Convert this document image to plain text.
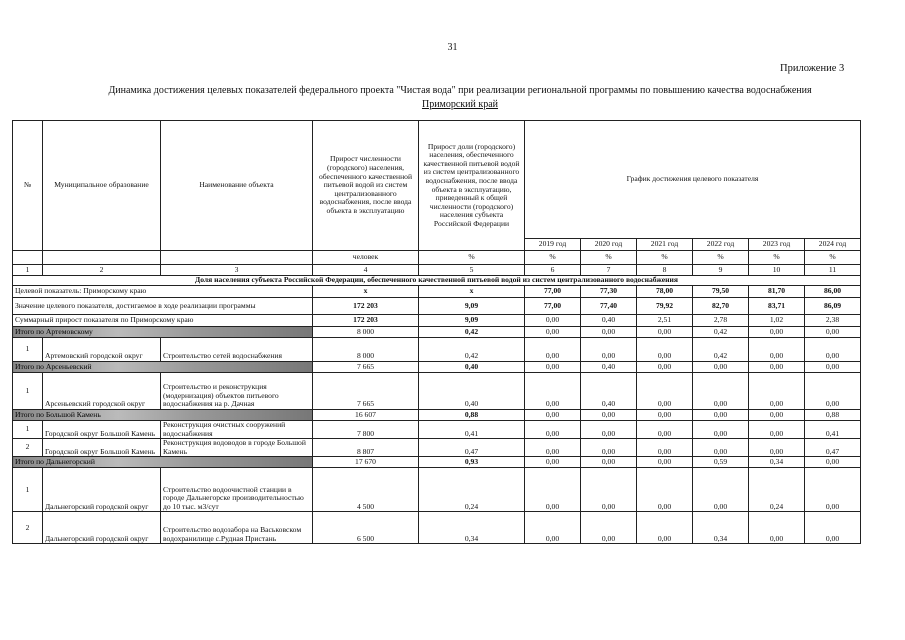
31
Приложение 3
Динамика достижения целевых показателей федерального проекта "Чистая вода" при реализации региональной программы по повышению качества водоснабжения
Приморский край
№	Муниципальное образование	Наименование объекта	Прирост численности (городского) населения, обеспеченного качественной питьевой водой из систем централизованного водоснабжения, после ввода объекта в эксплуатацию	Прирост доли (городского) населения, обеспеченного качественной питьевой водой из систем централизованного водоснабжения, после ввода объекта в эксплуатацию, приведенный к общей численности (городского) населения субъекта Российской Федерации	График достижения целевого показателя					
					2019 год	2020 год	2021 год	2022 год	2023 год	2024 год
			человек	%	%	%	%	%	%	%
1	2	3	4	5	6	7	8	9	10	11
Доля населения субъекта Российской Федерации, обеспеченного качественной питьевой водой из систем централизованного водоснабжения										
Целевой показатель: Приморскому краю			x	x	77,00	77,30	78,00	79,50	81,70	86,00
Значение целевого показателя, достигаемое в ходе реализации программы			172 203	9,09	77,00	77,40	79,92	82,70	83,71	86,09
Суммарный прирост показателя по Приморскому краю			172 203	9,09	0,00	0,40	2,51	2,78	1,02	2,38
Итого по Артемовскому			8 000	0,42	0,00	0,00	0,00	0,42	0,00	0,00
1	Артемовский городской округ	Строительство сетей водоснабжения	8 000	0,42	0,00	0,00	0,00	0,42	0,00	0,00
Итого по Арсеньевский			7 665	0,40	0,00	0,40	0,00	0,00	0,00	0,00
1	Арсеньевский городской округ	Строительство и реконструкция (модернизация) объектов питьевого водоснабжения на р. Дачная	7 665	0,40	0,00	0,40	0,00	0,00	0,00	0,00
Итого по Большой Камень			16 607	0,88	0,00	0,00	0,00	0,00	0,00	0,88
1	Городской округ Большой Камень	Реконструкция очистных сооружений водоснабжения	7 800	0,41	0,00	0,00	0,00	0,00	0,00	0,41
2	Городской округ Большой Камень	Реконструкция водоводов в городе Большой Камень	8 807	0,47	0,00	0,00	0,00	0,00	0,00	0,47
Итого по Дальнегорский			17 670	0,93	0,00	0,00	0,00	0,59	0,34	0,00
1	Дальнегорский городской округ	Строительство водоочистной станции в городе Дальнегорске производительностью до 10 тыс. м3/сут	4 500	0,24	0,00	0,00	0,00	0,00	0,24	0,00
2	Дальнегорский городской округ	Строительство водозабора на Васьковском водохранилище с.Рудная Пристань	6 500	0,34	0,00	0,00	0,00	0,34	0,00	0,00
